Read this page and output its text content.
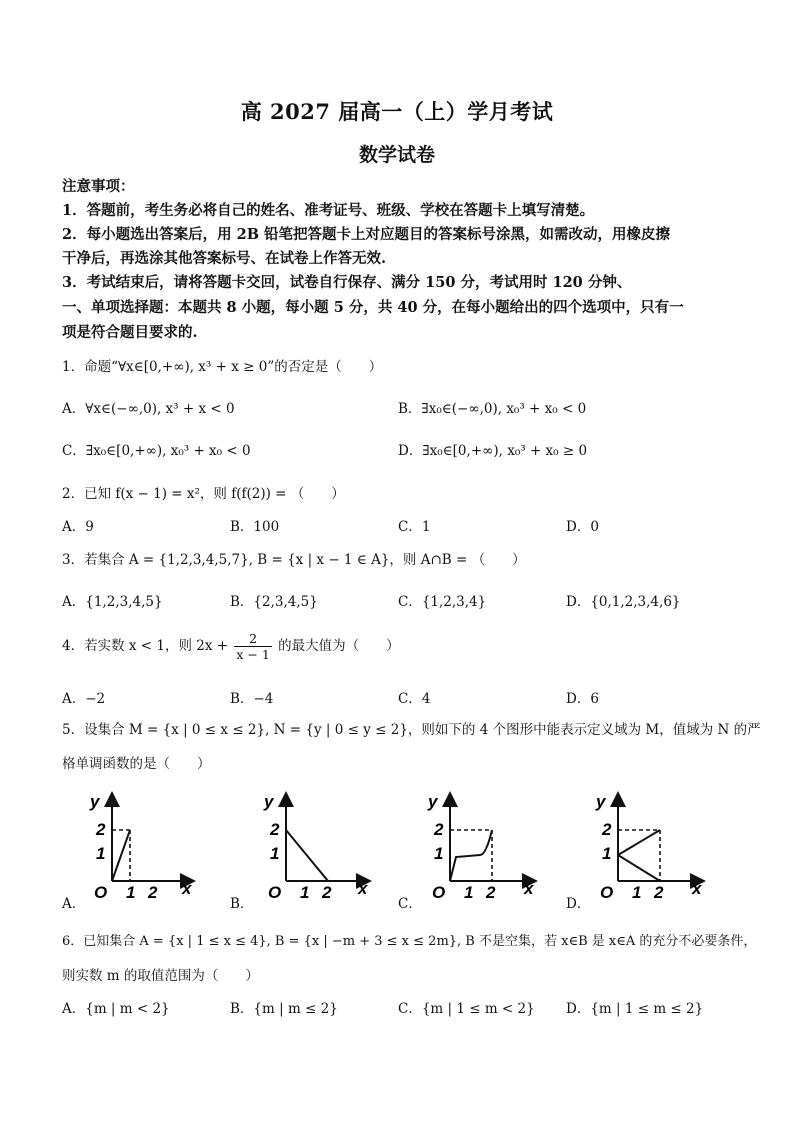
高 2027 届高一（上）学月考试
数学试卷
注意事项：
1．答题前，考生务必将自己的姓名、准考证号、班级、学校在答题卡上填写清楚。
2．每小题选出答案后，用 2B 铅笔把答题卡上对应题目的答案标号涂黑，如需改动，用橡皮擦
干净后，再选涂其他答案标号、在试卷上作答无效.
3．考试结束后，请将答题卡交回，试卷自行保存、满分 150 分，考试用时 120 分钟、
一、单项选择题：本题共 8 小题，每小题 5 分，共 40 分，在每小题给出的四个选项中，只有一
项是符合题目要求的.
1．命题“∀x∈[0,+∞), x³ + x ≥ 0”的否定是（　　）
A．∀x∈(−∞,0), x³ + x < 0	B．∃x₀∈(−∞,0), x₀³ + x₀ < 0
C．∃x₀∈[0,+∞), x₀³ + x₀ < 0	D．∃x₀∈[0,+∞), x₀³ + x₀ ≥ 0
2．已知 f(x − 1) = x²，则 f(f(2)) = （　　）
A．9	B．100	C．1	D．0
3．若集合 A = {1,2,3,4,5,7}, B = {x | x − 1 ∈ A}，则 A∩B = （　　）
A．{1,2,3,4,5}	B．{2,3,4,5}	C．{1,2,3,4}	D．{0,1,2,3,4,6}
4．若实数 x < 1，则 $2x + \frac{2}{x - 1}$ 的最大值为（　　）
A．−2	B．−4	C．4	D．6
5．设集合 M = {x | 0 ≤ x ≤ 2}, N = {y | 0 ≤ y ≤ 2}，则如下的 4 个图形中能表示定义域为 M，值域为 N 的严
格单调函数的是（　　）
y
2
1
O 1 2 x
y
2
1
O 1 2 x
y
2
1
O 1 2 x
y
2
1
O 1 2 x
A．	B．	C．	D．
6．已知集合 A = {x | 1 ≤ x ≤ 4}, B = {x | −m + 3 ≤ x ≤ 2m}, B 不是空集，若 x∈B 是 x∈A 的充分不必要条件，
则实数 m 的取值范围为（　　）
A．{m | m < 2}	B．{m | m ≤ 2}	C．{m | 1 ≤ m < 2} D．{m | 1 ≤ m ≤ 2}
